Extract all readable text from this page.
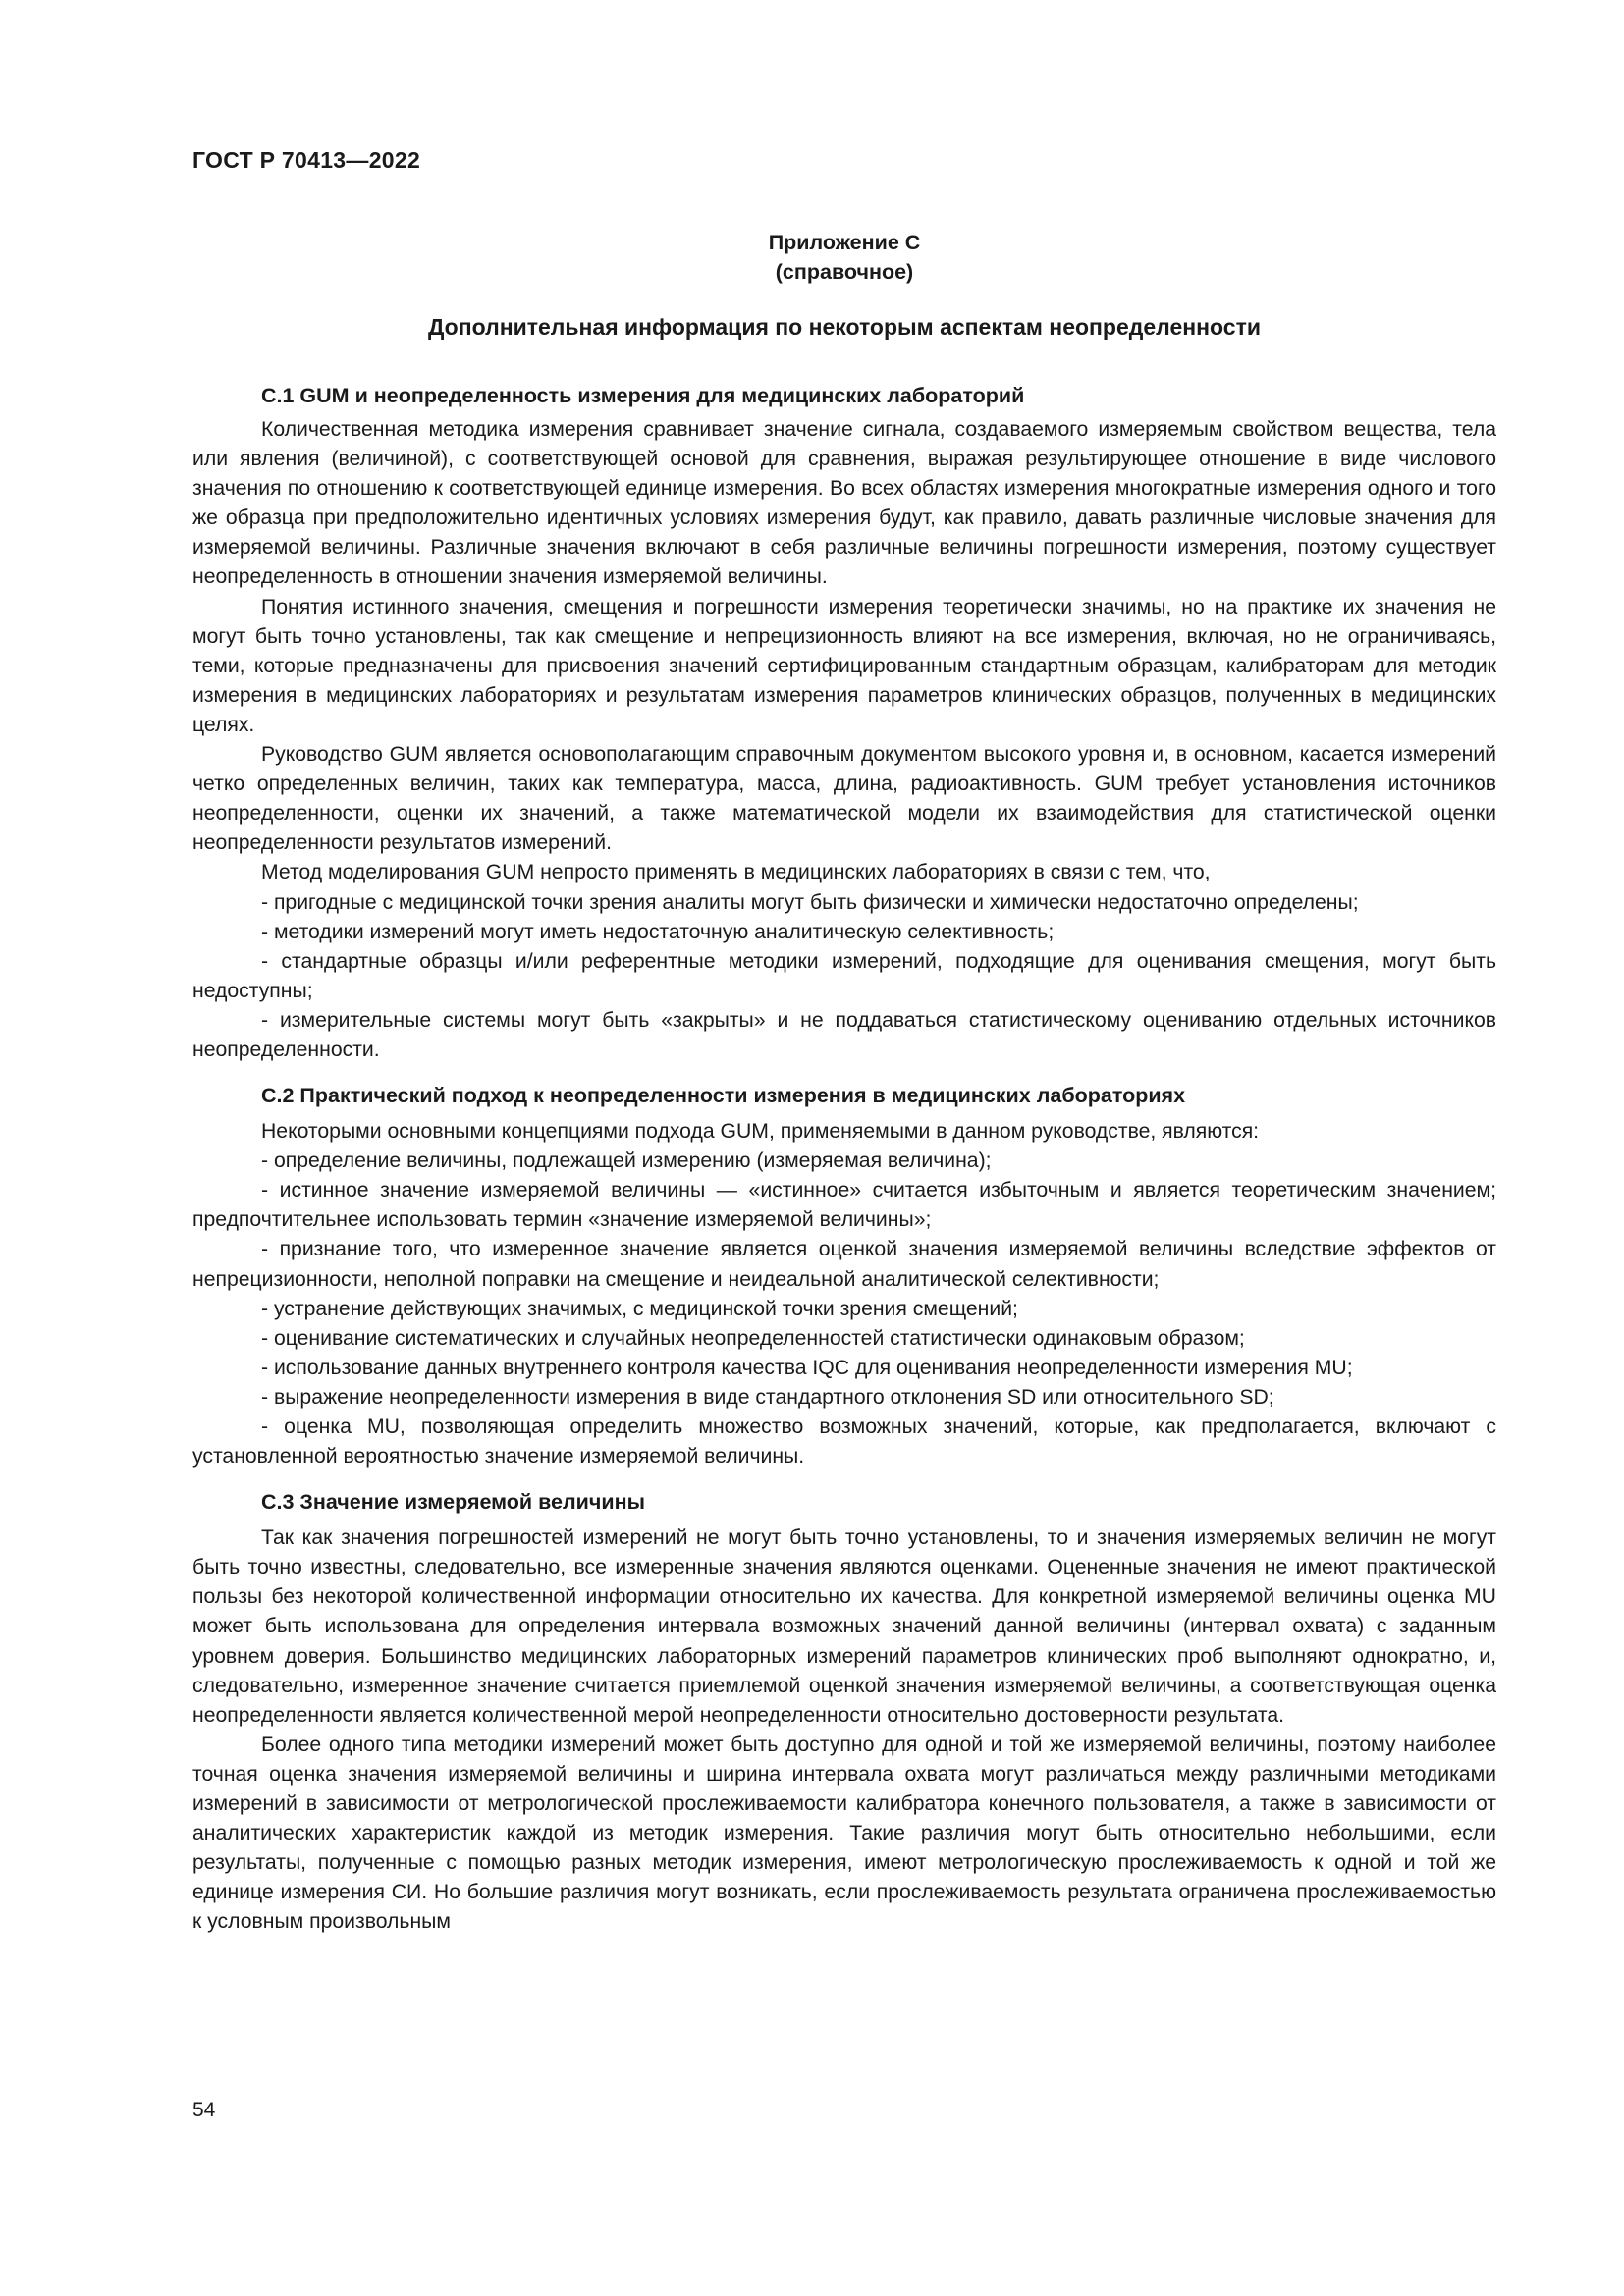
ГОСТ Р 70413—2022
Приложение С
(справочное)
Дополнительная информация по некоторым аспектам неопределенности
С.1 GUM и неопределенность измерения для медицинских лабораторий

Количественная методика измерения сравнивает значение сигнала, создаваемого измеряемым свойством вещества, тела или явления (величиной), с соответствующей основой для сравнения, выражая результирующее отношение в виде числового значения по отношению к соответствующей единице измерения. Во всех областях измерения многократные измерения одного и того же образца при предположительно идентичных условиях измерения будут, как правило, давать различные числовые значения для измеряемой величины. Различные значения включают в себя различные величины погрешности измерения, поэтому существует неопределенность в отношении значения измеряемой величины.

Понятия истинного значения, смещения и погрешности измерения теоретически значимы, но на практике их значения не могут быть точно установлены, так как смещение и непрецизионность влияют на все измерения, включая, но не ограничиваясь, теми, которые предназначены для присвоения значений сертифицированным стандартным образцам, калибраторам для методик измерения в медицинских лабораториях и результатам измерения параметров клинических образцов, полученных в медицинских целях.

Руководство GUM является основополагающим справочным документом высокого уровня и, в основном, касается измерений четко определенных величин, таких как температура, масса, длина, радиоактивность. GUM требует установления источников неопределенности, оценки их значений, а также математической модели их взаимодействия для статистической оценки неопределенности результатов измерений.

Метод моделирования GUM непросто применять в медицинских лабораториях в связи с тем, что,

- пригодные с медицинской точки зрения аналиты могут быть физически и химически недостаточно определены;

- методики измерений могут иметь недостаточную аналитическую селективность;

- стандартные образцы и/или референтные методики измерений, подходящие для оценивания смещения, могут быть недоступны;

- измерительные системы могут быть «закрыты» и не поддаваться статистическому оцениванию отдельных источников неопределенности.

С.2 Практический подход к неопределенности измерения в медицинских лабораториях

Некоторыми основными концепциями подхода GUM, применяемыми в данном руководстве, являются:

- определение величины, подлежащей измерению (измеряемая величина);

- истинное значение измеряемой величины — «истинное» считается избыточным и является теоретическим значением; предпочтительнее использовать термин «значение измеряемой величины»;

- признание того, что измеренное значение является оценкой значения измеряемой величины вследствие эффектов от непрецизионности, неполной поправки на смещение и неидеальной аналитической селективности;

- устранение действующих значимых, с медицинской точки зрения смещений;

- оценивание систематических и случайных неопределенностей статистически одинаковым образом;

- использование данных внутреннего контроля качества IQC для оценивания неопределенности измерения MU;

- выражение неопределенности измерения в виде стандартного отклонения SD или относительного SD;

- оценка MU, позволяющая определить множество возможных значений, которые, как предполагается, включают с установленной вероятностью значение измеряемой величины.

С.3 Значение измеряемой величины

Так как значения погрешностей измерений не могут быть точно установлены, то и значения измеряемых величин не могут быть точно известны, следовательно, все измеренные значения являются оценками. Оцененные значения не имеют практической пользы без некоторой количественной информации относительно их качества. Для конкретной измеряемой величины оценка MU может быть использована для определения интервала возможных значений данной величины (интервал охвата) с заданным уровнем доверия. Большинство медицинских лабораторных измерений параметров клинических проб выполняют однократно, и, следовательно, измеренное значение считается приемлемой оценкой значения измеряемой величины, а соответствующая оценка неопределенности является количественной мерой неопределенности относительно достоверности результата.

Более одного типа методики измерений может быть доступно для одной и той же измеряемой величины, поэтому наиболее точная оценка значения измеряемой величины и ширина интервала охвата могут различаться между различными методиками измерений в зависимости от метрологической прослеживаемости калибратора конечного пользователя, а также в зависимости от аналитических характеристик каждой из методик измерения. Такие различия могут быть относительно небольшими, если результаты, полученные с помощью разных методик измерения, имеют метрологическую прослеживаемость к одной и той же единице измерения СИ. Но большие различия могут возникать, если прослеживаемость результата ограничена прослеживаемостью к условным произвольным

54
